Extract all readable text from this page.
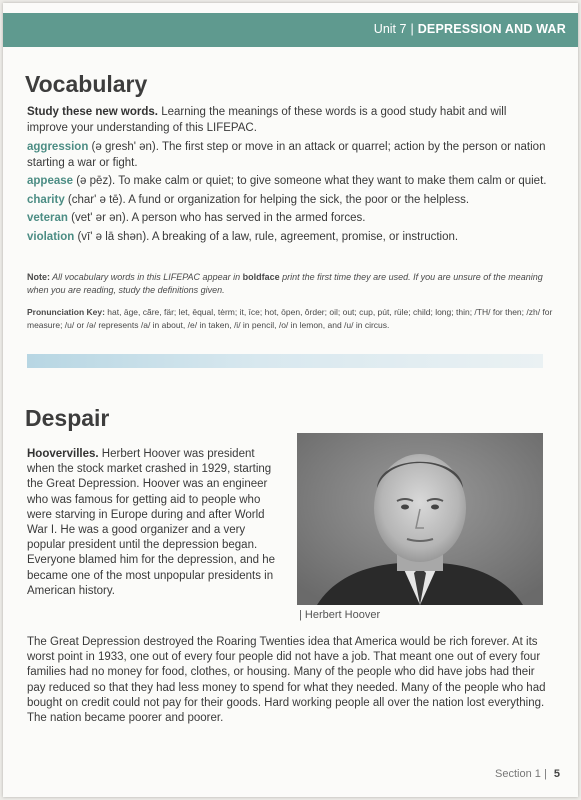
Unit 7 | DEPRESSION AND WAR
Vocabulary
Study these new words. Learning the meanings of these words is a good study habit and will improve your understanding of this LIFEPAC.
aggression (ə gresh' ən). The first step or move in an attack or quarrel; action by the person or nation starting a war or fight.
appease (ə pēz). To make calm or quiet; to give someone what they want to make them calm or quiet.
charity (char' ə tē). A fund or organization for helping the sick, the poor or the helpless.
veteran (vet' ər ən). A person who has served in the armed forces.
violation (vī' ə lā shən). A breaking of a law, rule, agreement, promise, or instruction.
Note: All vocabulary words in this LIFEPAC appear in boldface print the first time they are used. If you are unsure of the meaning when you are reading, study the definitions given.
Pronunciation Key: hat, āge, cãre, fär; let, ēqual, tėrm; it, īce; hot, ōpen, ôrder; oil; out; cup, pút, rüle; child; long; thin; /TH/ for then; /zh/ for measure; /u/ or /ə/ represents /a/ in about, /e/ in taken, /i/ in pencil, /o/ in lemon, and /u/ in circus.
Despair
Hoovervilles. Herbert Hoover was president when the stock market crashed in 1929, starting the Great Depression. Hoover was an engineer who was famous for getting aid to people who were starving in Europe during and after World War I. He was a good organizer and a very popular president until the depression began. Everyone blamed him for the depression, and he became one of the most unpopular presidents in American history.
| Herbert Hoover
The Great Depression destroyed the Roaring Twenties idea that America would be rich forever. At its worst point in 1933, one out of every four people did not have a job. That meant one out of every four families had no money for food, clothes, or housing. Many of the people who did have jobs had their pay reduced so that they had less money to spend for what they needed. Many of the people who had bought on credit could not pay for their goods. Hard working people all over the nation lost everything. The nation became poorer and poorer.
Section 1 | 5
